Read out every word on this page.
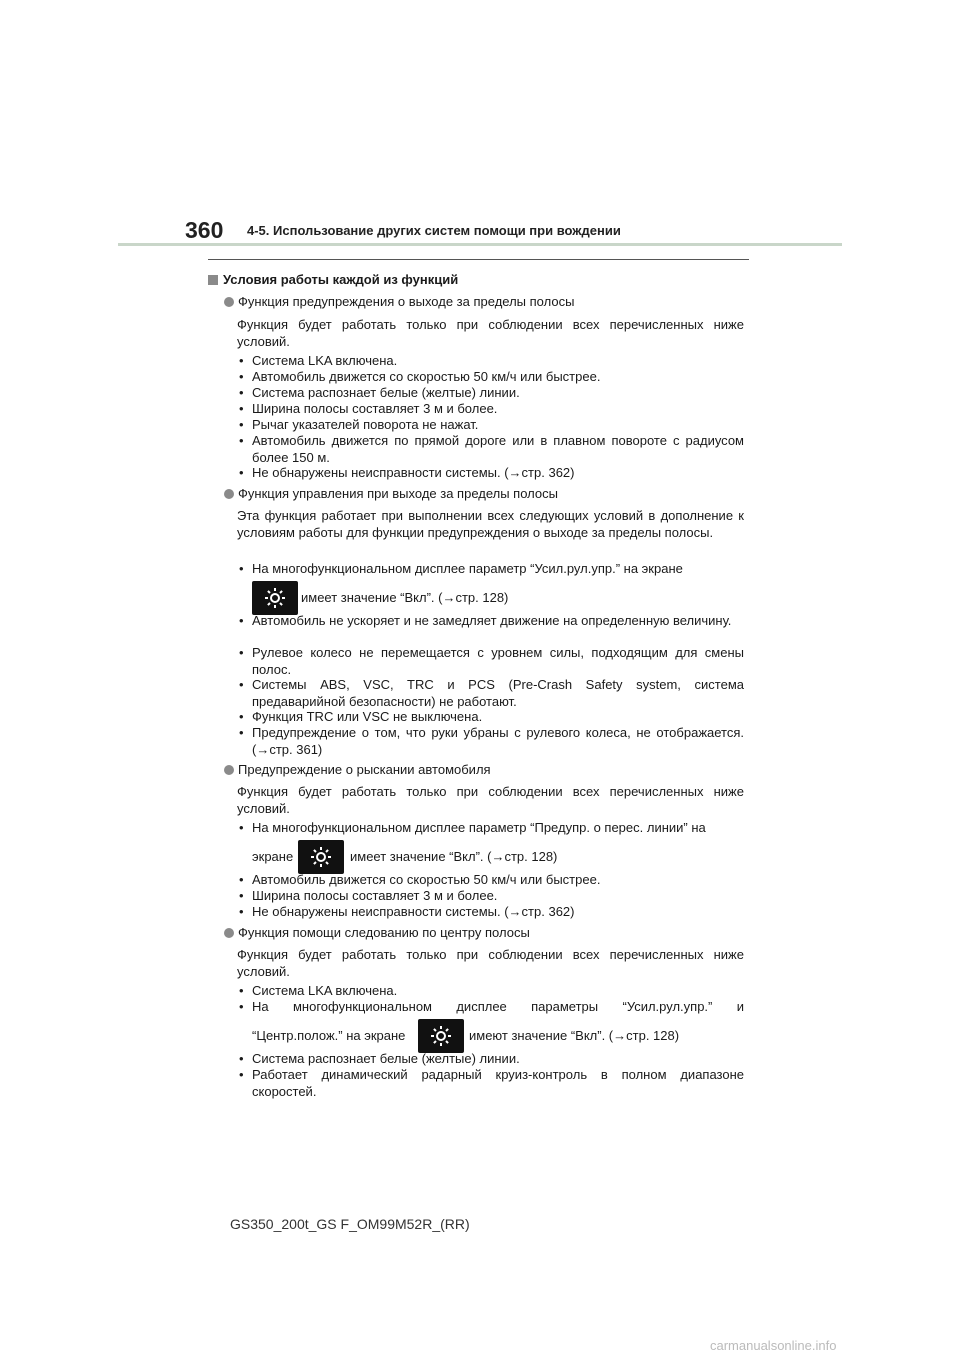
360 4-5. Использование других систем помощи при вождении
Условия работы каждой из функций
Функция предупреждения о выходе за пределы полосы
Функция будет работать только при соблюдении всех перечисленных ниже условий.
• Система LKA включена.
• Автомобиль движется со скоростью 50 км/ч или быстрее.
• Система распознает белые (желтые) линии.
• Ширина полосы составляет 3 м и более.
• Рычаг указателей поворота не нажат.
• Автомобиль движется по прямой дороге или в плавном повороте с радиусом более 150 м.
• Не обнаружены неисправности системы. (→стр. 362)
Функция управления при выходе за пределы полосы
Эта функция работает при выполнении всех следующих условий в дополнение к условиям работы для функции предупреждения о выходе за пределы полосы.
• На многофункциональном дисплее параметр “Усил.рул.упр.” на экране
имеет значение “Вкл”. (→стр. 128)
• Автомобиль не ускоряет и не замедляет движение на определенную величину.
• Рулевое колесо не перемещается с уровнем силы, подходящим для смены полос.
• Системы ABS, VSC, TRC и PCS (Pre-Crash Safety system, система предаварийной безопасности) не работают.
• Функция TRC или VSC не выключена.
• Предупреждение о том, что руки убраны с рулевого колеса, не отображается. (→стр. 361)
Предупреждение о рыскании автомобиля
Функция будет работать только при соблюдении всех перечисленных ниже условий.
• На многофункциональном дисплее параметр “Предупр. о перес. линии” на
экране	имеет значение “Вкл”. (→стр. 128)
• Автомобиль движется со скоростью 50 км/ч или быстрее.
• Ширина полосы составляет 3 м и более.
• Не обнаружены неисправности системы. (→стр. 362)
Функция помощи следованию по центру полосы
Функция будет работать только при соблюдении всех перечисленных ниже условий.
• Система LKA включена.
• На многофункциональном дисплее параметры “Усил.рул.упр.” и
“Центр.полож.” на экране	имеют значение “Вкл”. (→стр. 128)
• Система распознает белые (желтые) линии.
• Работает динамический радарный круиз-контроль в полном диапазоне скоростей.
GS350_200t_GS F_OM99M52R_(RR)
carmanualsonline.info
